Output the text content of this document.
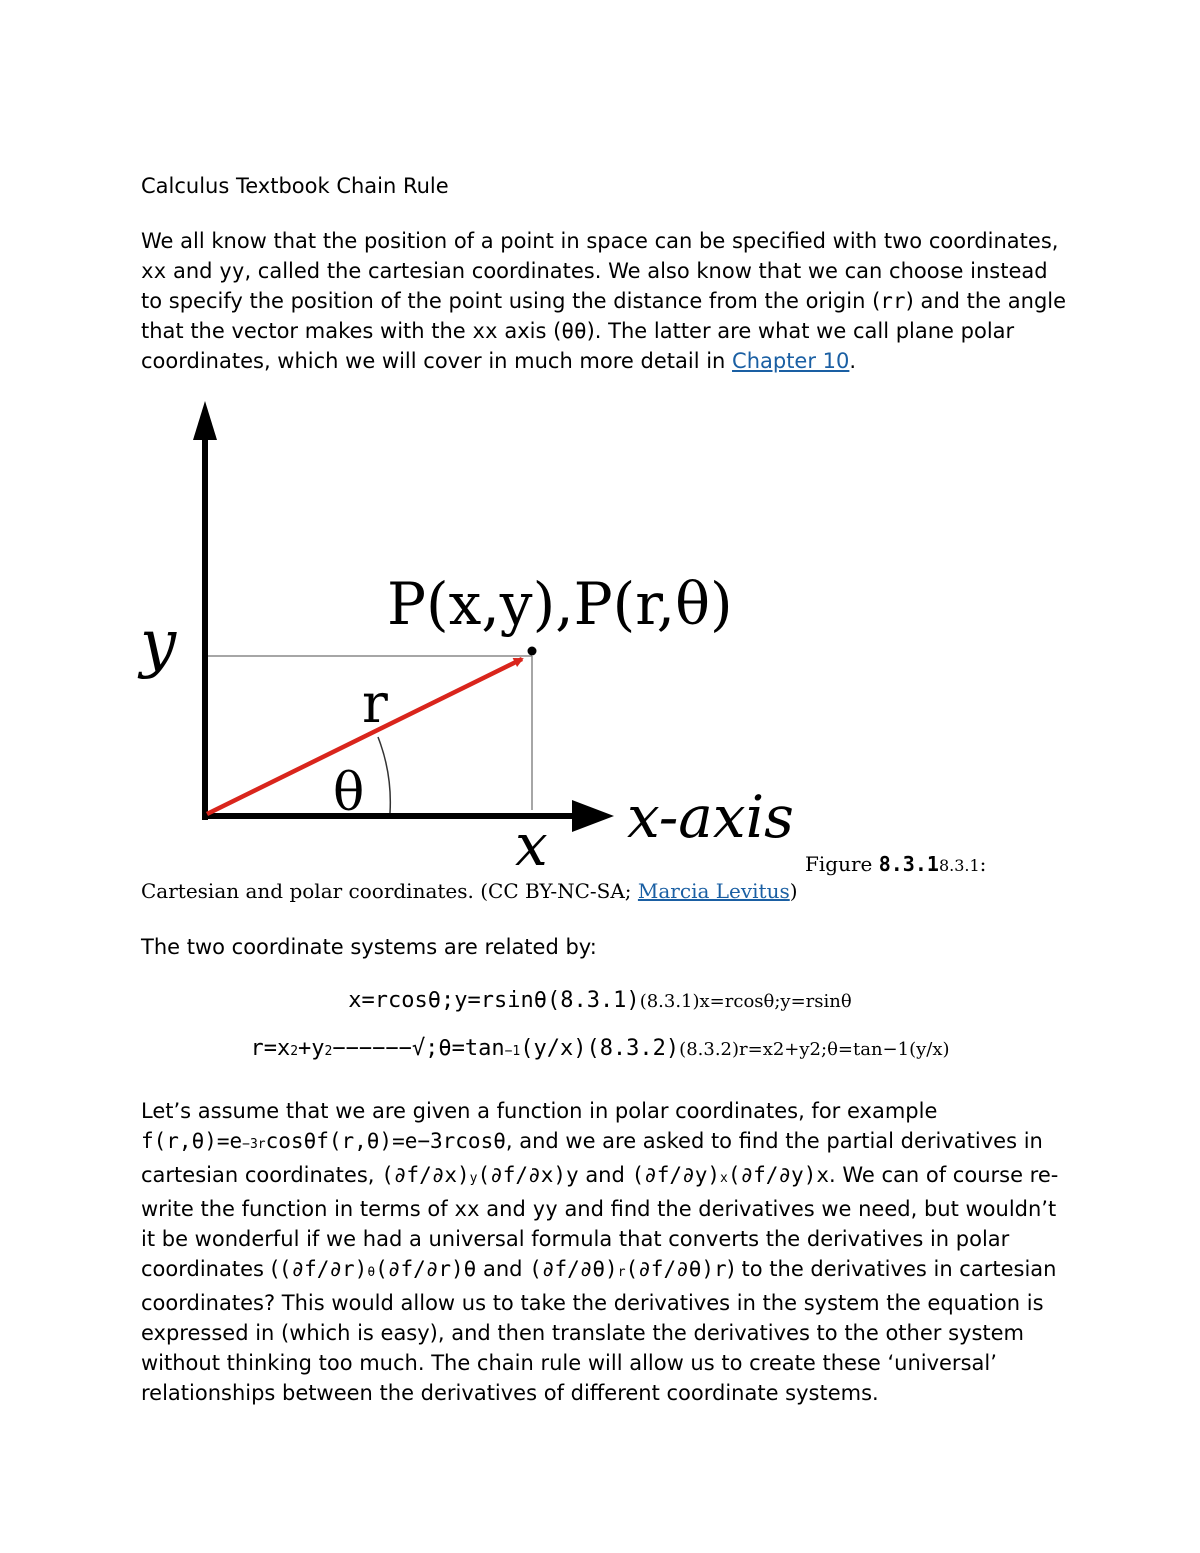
Calculus Textbook Chain Rule
We all know that the position of a point in space can be specified with two coordinates, xx and yy, called the cartesian coordinates. We also know that we can choose instead to specify the position of the point using the distance from the origin (rr) and the angle that the vector makes with the xx axis (θθ). The latter are what we call plane polar coordinates, which we will cover in much more detail in Chapter 10.
P(x,y),P(r,θ)
y
r
θ
x x-axis
Figure 8.3.18.3.1:
Cartesian and polar coordinates. (CC BY-NC-SA; Marcia Levitus)
The two coordinate systems are related by:
x=rcosθ;y=rsinθ(8.3.1)(8.3.1)x=rcosθ;y=rsinθ
r=x2+y2−−−−−−√;θ=tan−1(y/x)(8.3.2)(8.3.2)r=x2+y2;θ=tan−1(y/x)
Let’s assume that we are given a function in polar coordinates, for example f(r,θ)=e−3rcosθf(r,θ)=e−3rcosθ, and we are asked to find the partial derivatives in cartesian coordinates, (∂f/∂x)y(∂f/∂x)y and (∂f/∂y)x(∂f/∂y)x. We can of course re-write the function in terms of xx and yy and find the derivatives we need, but wouldn’t it be wonderful if we had a universal formula that converts the derivatives in polar coordinates ((∂f/∂r)θ(∂f/∂r)θ and (∂f/∂θ)r(∂f/∂θ)r) to the derivatives in cartesian coordinates? This would allow us to take the derivatives in the system the equation is expressed in (which is easy), and then translate the derivatives to the other system without thinking too much. The chain rule will allow us to create these ‘universal’ relationships between the derivatives of different coordinate systems.
